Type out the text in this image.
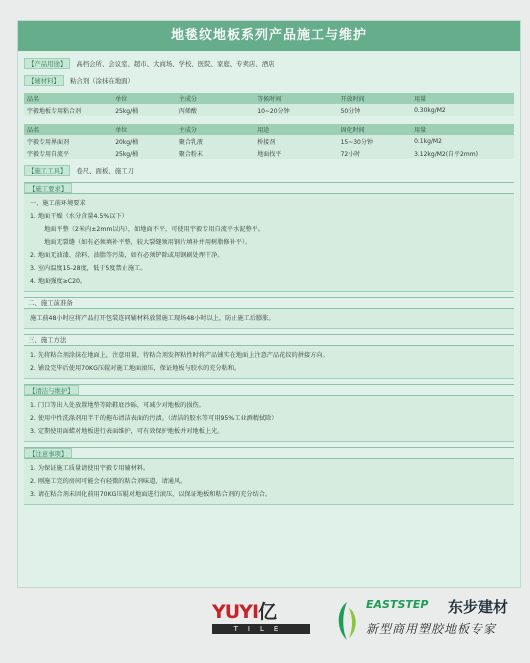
地毯纹地板系列产品施工与维护
【产品用途】 高档会所、会议室、超市、大商场、学校、医院、家庭、专卖店、酒店
【辅材料】 粘合剂（涂抹在地面）
品名	单位	主成分	等候时间	开放时间	用量
宇毅地板专用粘合剂	25kg/桶	丙烯酸	10~20分钟	50分钟	0.30kg/M2
品名	单位	主成分	用途	固化时间	用量
宇毅专用界面剂	20kg/桶	聚合乳液	桥接剂	15~30分钟	0.1kg/M2
宇毅专用自流平	25kg/桶	聚合粉末	地面找平	72小时	3.12kg/M2(自平2mm)
【施工工具】 卷尺、面板、施工刀
【施工要求】
一、施工前环境要求
1. 地面干燥（水分含量4.5%以下）
地面平整（2米内±2mm以内），如地面不平，可使用宇毅专用自流平水泥整平。
地面无裂缝（如有必须填补平整，较大裂缝须用钢片填补并用树脂修补平）。
2. 地面无油漆、涂料、油脂等污染，如有必须铲除或用钢刷处理干净。
3. 室内温度15-28度，低于5度禁止施工。
4. 地面强度≥C20。
二、施工前准备
施工前48小时应将产品打开包装连同辅材料放置施工现场48小时以上，防止施工后膨胀。
三、施工方法
1. 先将粘合剂涂抹在地面上，注意用量，待粘合剂发挥粘性时将产品铺实在地面上注意产品花纹的拼接方向。
2. 铺设完毕后使用70KG压辊对施工地面滚压，保证地板与胶水的充分粘和。
【清洁与维护】
1. 门口等出入处放置地垫等除鞋底沙砾，可减少对地板的损伤。
2. 使用中性洗涤剂用半干的拖布清洁表面的污渍。（清洁的胶水等可用95%工业酒精拭除）
3. 定期使用面蜡对地板进行表面维护，可有效保护地板并对地板上光。
【注意事项】
1. 为保证施工质量请使用宇毅专用辅材料。
2. 刚施工完的房间可能会有轻微的粘合剂味道，请通风。
3. 请在粘合剂未固化前用70KG压辊对地面进行滚压，以保证地板和粘合剂的充分结合。
YUYI亿
TILE
EASTSTEP 东步建材
新型商用塑胶地板专家
